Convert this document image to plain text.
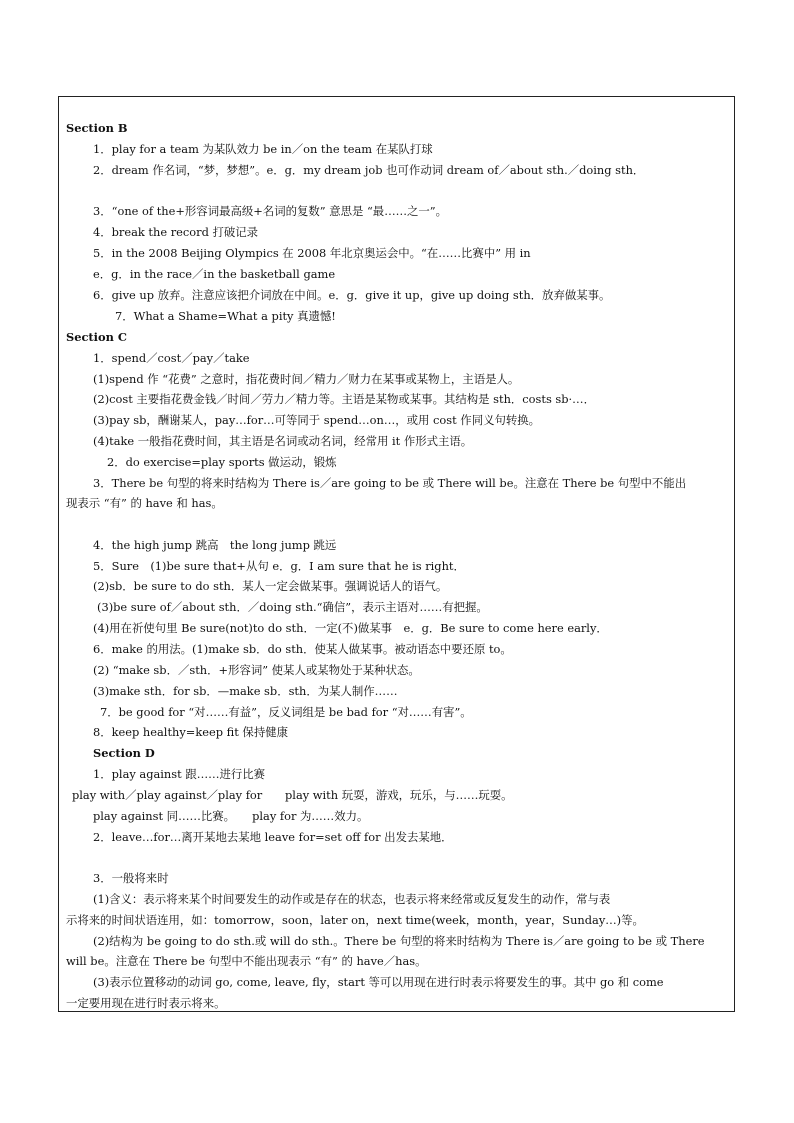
Section B
1．play for a team 为某队效力 be in／on the team 在某队打球
2．dream 作名词，“梦，梦想”。e．g．my dream job 也可作动词 dream of／about sth.／doing sth．
3．“one of the+形容词最高级+名词的复数” 意思是 “最……之一”。
4．break the record 打破记录
5．in the 2008 Beijing Olympics 在 2008 年北京奥运会中。“在……比赛中” 用 in
e．g．in the race／in the basketball game
6．give up 放弃。注意应该把介词放在中间。e．g．give it up，give up doing sth．放弃做某事。
7．What a Shame=What a pity 真遗憾!
Section C
1．spend／cost／pay／take
(1)spend 作 “花费” 之意时，指花费时间／精力／财力在某事或某物上，主语是人。
(2)cost 主要指花费金钱／时间／劳力／精力等。主语是某物或某事。其结构是 sth．costs sb·…．
(3)pay sb，酬谢某人，pay…for…可等同于 spend…on…，或用 cost 作同义句转换。
(4)take 一般指花费时间，其主语是名词或动名词，经常用 it 作形式主语。
2．do exercise=play sports 做运动，锻炼
3．There be 句型的将来时结构为 There is／are going to be 或 There will be。注意在 There be 句型中不能出
现表示 “有” 的 have 和 has。
4．the high jump 跳高　the long jump 跳远
5．Sure　(1)be sure that+从句 e．g．I am sure that he is right．
(2)sb．be sure to do sth．某人一定会做某事。强调说话人的语气。
(3)be sure of／about sth．／doing sth.“确信”，表示主语对……有把握。
(4)用在祈使句里 Be sure(not)to do sth．一定(不)做某事　e．g．Be sure to come here early．
6．make 的用法。(1)make sb．do sth．使某人做某事。被动语态中要还原 to。
(2) “make sb．／sth．+形容词” 使某人或某物处于某种状态。
(3)make sth．for sb．—make sb．sth．为某人制作……
7．be good for “对……有益”，反义词组是 be bad for “对……有害”。
8．keep healthy=keep fit 保持健康
Section D
1．play against 跟……进行比赛
play with／play against／play for　　play with 玩耍，游戏，玩乐，与……玩耍。
play against 同……比赛。　　play for 为……效力。
2．leave…for…离开某地去某地 leave for=set off for 出发去某地．
3．一般将来时
(1)含义：表示将来某个时间要发生的动作或是存在的状态，也表示将来经常或反复发生的动作，常与表
示将来的时间状语连用，如：tomorrow，soon，later on，next time(week，month，year，Sunday…)等。
(2)结构为 be going to do sth.或 will do sth.。There be 句型的将来时结构为 There is／are going to be 或 There
will be。注意在 There be 句型中不能出现表示 “有” 的 have／has。
(3)表示位置移动的动词 go, come, leave, fly，start 等可以用现在进行时表示将要发生的事。其中 go 和 come
一定要用现在进行时表示将来。
